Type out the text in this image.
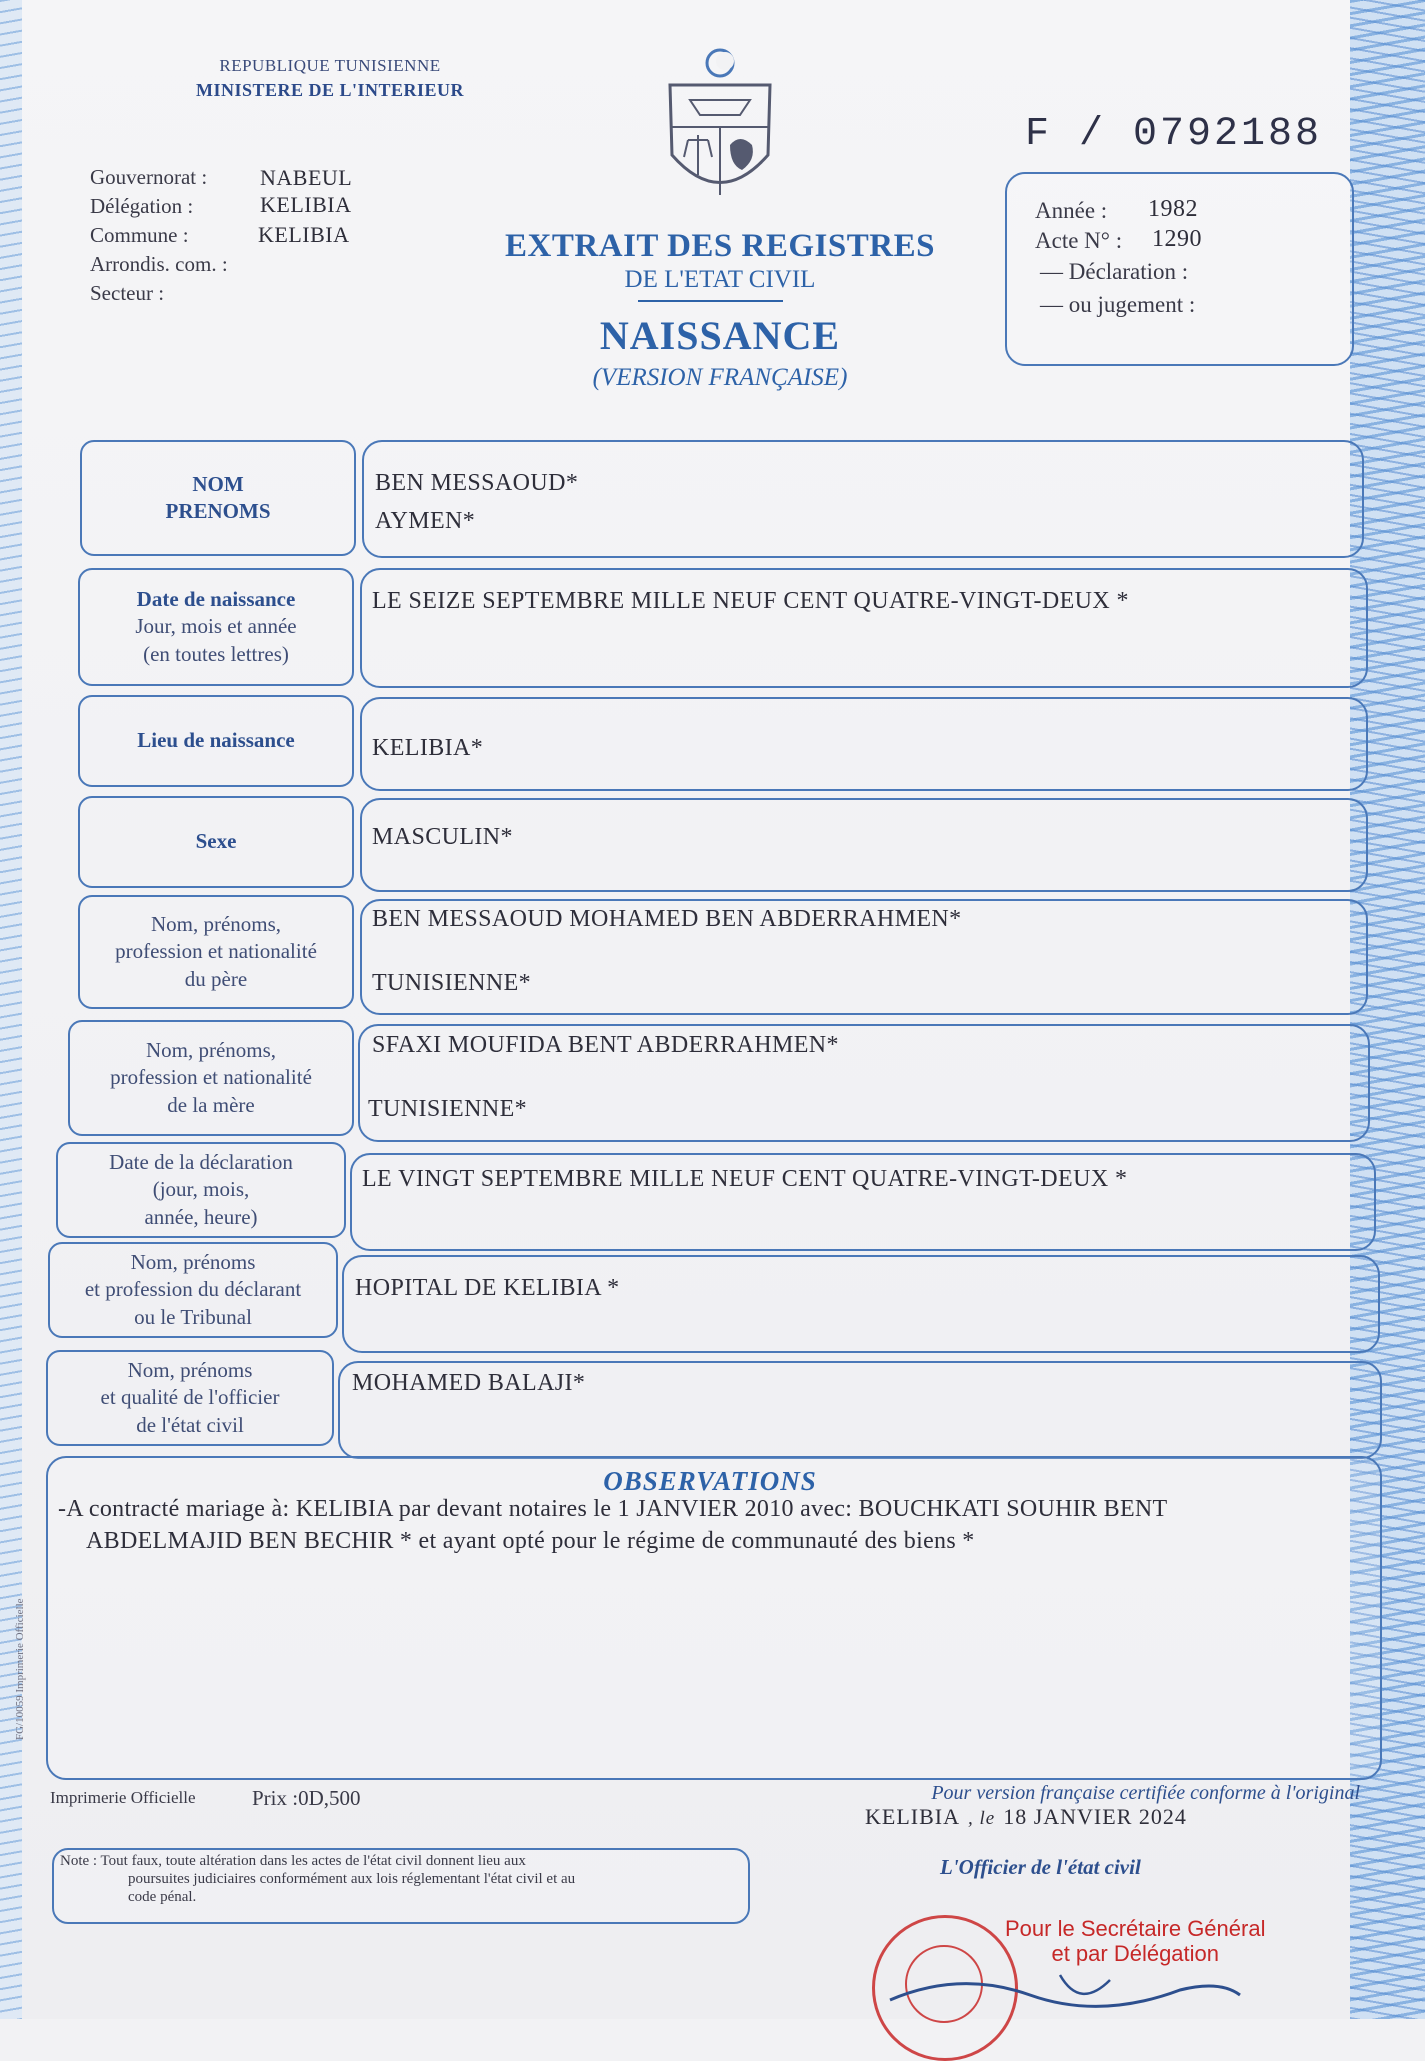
REPUBLIQUE TUNISIENNE
MINISTERE DE L'INTERIEUR
Gouvernorat : NABEUL
Délégation :	KELIBIA
Commune :	KELIBIA
Arrondis. com. :
Secteur :
EXTRAIT DES REGISTRES
DE L'ETAT CIVIL
NAISSANCE
(VERSION FRANÇAISE)
F / 0792188
Année : 1982
Acte N° : 1290
— Déclaration :
— ou jugement :
NOM
PRENOMS
BEN MESSAOUD*
AYMEN*
Date de naissance
Jour, mois et année
(en toutes lettres)
LE SEIZE SEPTEMBRE MILLE NEUF CENT QUATRE-VINGT-DEUX *
Lieu de naissance	KELIBIA*
Sexe	MASCULIN*
Nom, prénoms,
profession et nationalité
du père
BEN MESSAOUD MOHAMED BEN ABDERRAHMEN*
TUNISIENNE*
Nom, prénoms,
profession et nationalité
de la mère
SFAXI MOUFIDA BENT ABDERRAHMEN*
TUNISIENNE*
Date de la déclaration
(jour, mois,
année, heure)
LE VINGT SEPTEMBRE MILLE NEUF CENT QUATRE-VINGT-DEUX *
Nom, prénoms
et profession du déclarant
ou le Tribunal
HOPITAL DE KELIBIA *
Nom, prénoms
et qualité de l'officier
de l'état civil
MOHAMED BALAJI*
OBSERVATIONS
-A contracté mariage à: KELIBIA par devant notaires le 1 JANVIER 2010 avec: BOUCHKATI SOUHIR BENT
ABDELMAJID BEN BECHIR * et ayant opté pour le régime de communauté des biens *
FG/10059 Imprimerie Officielle
Imprimerie Officielle	Prix :0D,500
Note : Tout faux, toute altération dans les actes de l'état civil donnent lieu aux
poursuites judiciaires conformément aux lois réglementant l'état civil et au
code pénal.
Pour version française certifiée conforme à l'original
KELIBIA , le 18 JANVIER 2024
L'Officier de l'état civil
Pour le Secrétaire Général
et par Délégation
